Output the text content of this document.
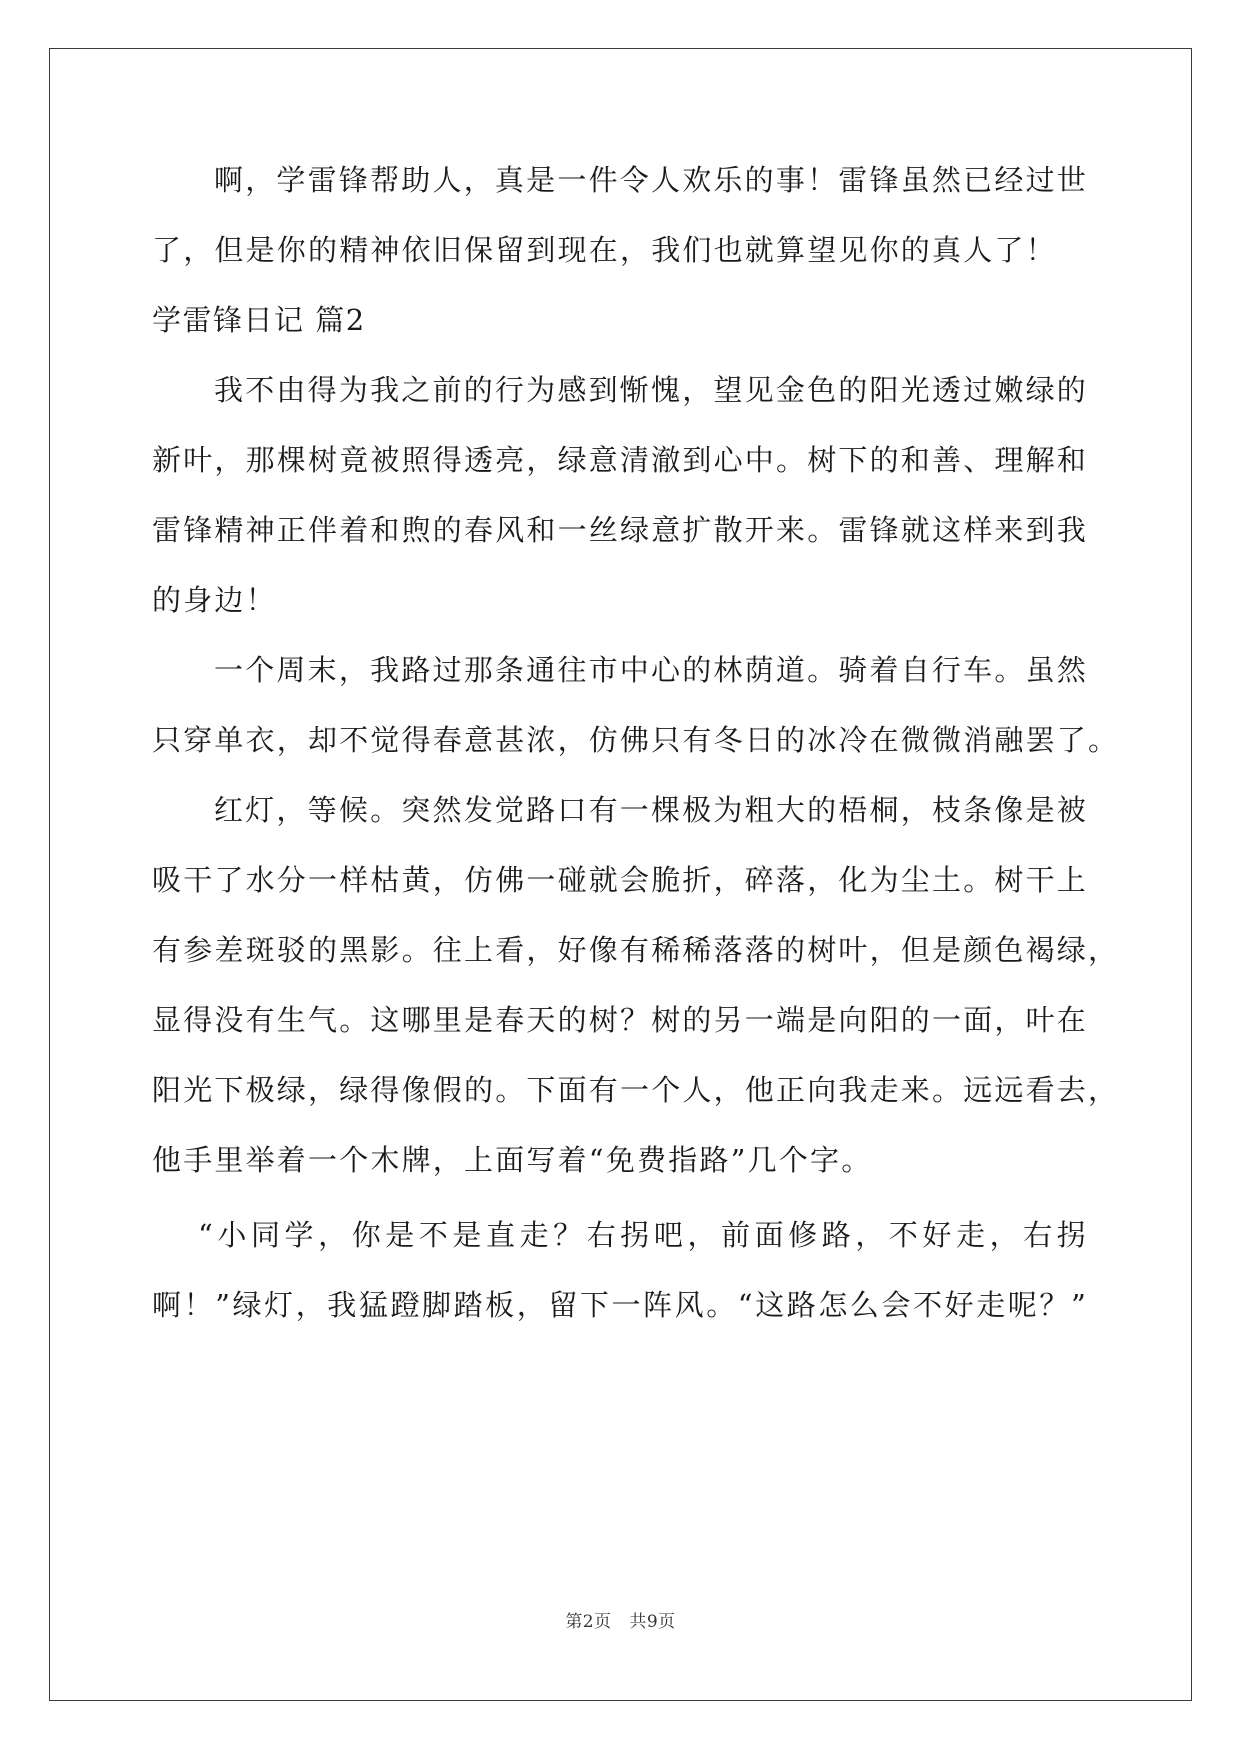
啊，学雷锋帮助人，真是一件令人欢乐的事！雷锋虽然已经过世
了，但是你的精神依旧保留到现在，我们也就算望见你的真人了！
学雷锋日记 篇2
我不由得为我之前的行为感到惭愧，望见金色的阳光透过嫩绿的
新叶，那棵树竟被照得透亮，绿意清澈到心中。树下的和善、理解和
雷锋精神正伴着和煦的春风和一丝绿意扩散开来。雷锋就这样来到我
的身边！
一个周末，我路过那条通往市中心的林荫道。骑着自行车。虽然
只穿单衣，却不觉得春意甚浓，仿佛只有冬日的冰冷在微微消融罢了。
红灯，等候。突然发觉路口有一棵极为粗大的梧桐，枝条像是被
吸干了水分一样枯黄，仿佛一碰就会脆折，碎落，化为尘土。树干上
有参差斑驳的黑影。往上看，好像有稀稀落落的树叶，但是颜色褐绿，
显得没有生气。这哪里是春天的树？树的另一端是向阳的一面，叶在
阳光下极绿，绿得像假的。下面有一个人，他正向我走来。远远看去，
他手里举着一个木牌，上面写着“免费指路”几个字。
“小同学，你是不是直走？右拐吧，前面修路，不好走，右拐
啊！”绿灯，我猛蹬脚踏板，留下一阵风。“这路怎么会不好走呢？”
第2页 共9页
